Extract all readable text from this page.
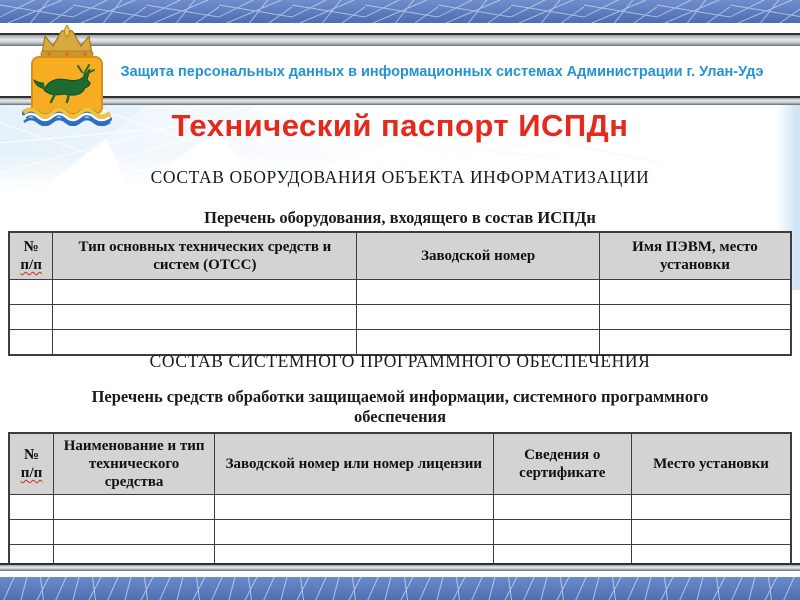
Защита персональных данных в информационных системах Администрации г. Улан-Удэ
Технический паспорт ИСПДн
СОСТАВ ОБОРУДОВАНИЯ ОБЪЕКТА ИНФОРМАТИЗАЦИИ
Перечень оборудования, входящего в состав ИСПДн
№
п/п	Тип основных технических средств и систем (ОТСС)	Заводской номер	Имя ПЭВМ, место установки

СОСТАВ СИСТЕМНОГО ПРОГРАММНОГО ОБЕСПЕЧЕНИЯ
Перечень средств обработки защищаемой информации, системного программного обеспечения
№
п/п	Наименование и тип технического средства	Заводской номер или номер лицензии	Сведения о сертификате	Место установки
